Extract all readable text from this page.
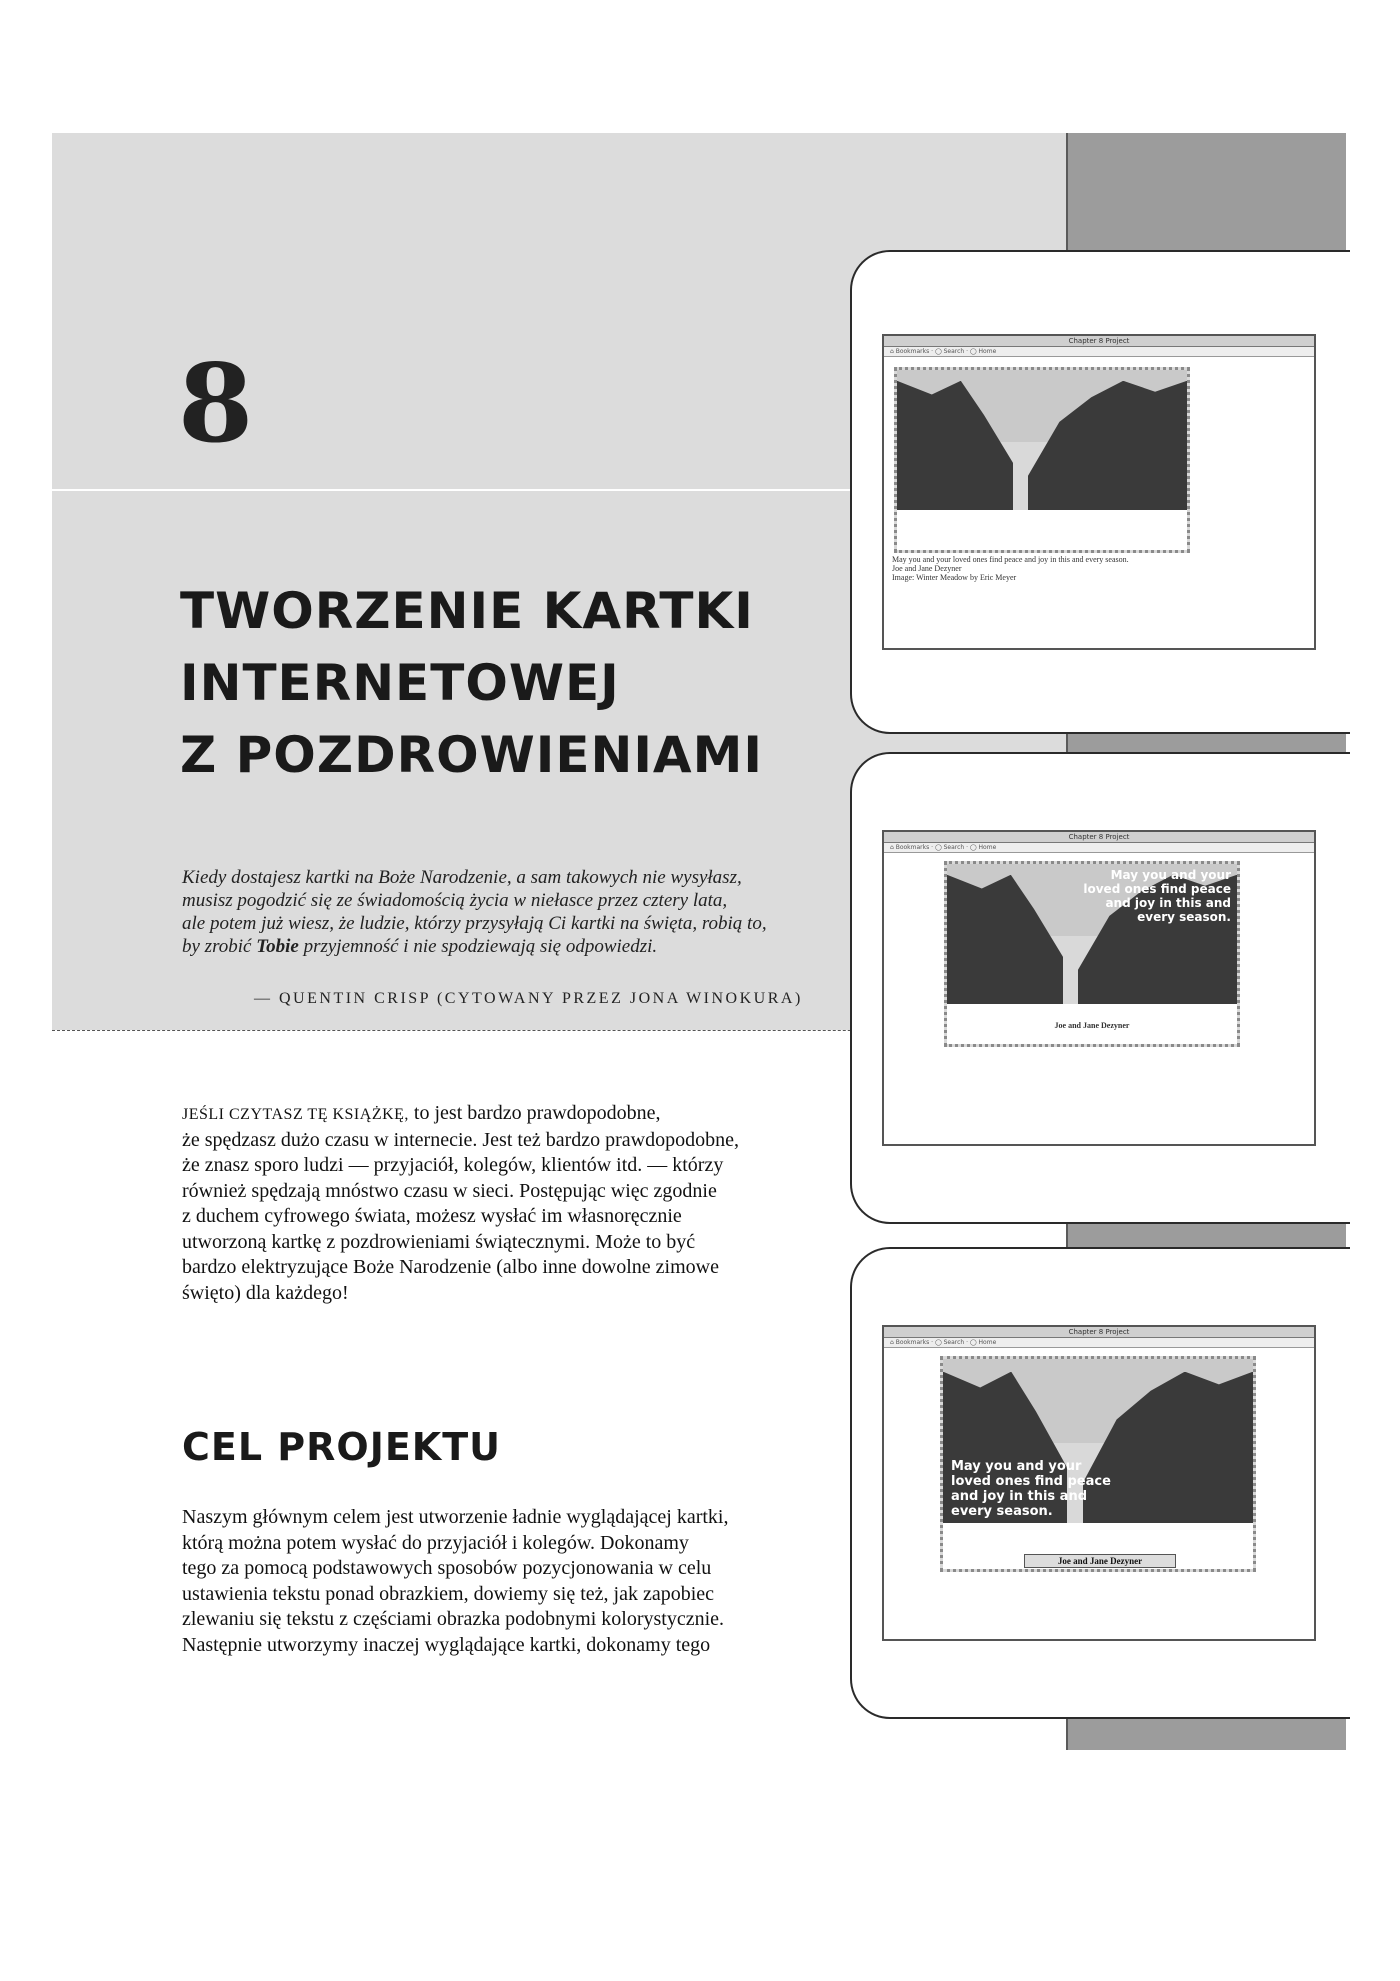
Chapter 8 Project
⌂ Bookmarks · ◯ Search · ◯ Home
May you and your loved ones find peace and joy in this and every season.
Joe and Jane Dezyner
Image: Winter Meadow by Eric Meyer
Chapter 8 Project
⌂ Bookmarks · ◯ Search · ◯ Home
May you and your loved ones find peace and joy in this and every season.
Joe and Jane Dezyner
Chapter 8 Project
⌂ Bookmarks · ◯ Search · ◯ Home
May you and your loved ones find peace and joy in this and every season.
Joe and Jane Dezyner
8
TWORZENIE KARTKI
INTERNETOWEJ
Z POZDROWIENIAMI
Kiedy dostajesz kartki na Boże Narodzenie, a sam takowych nie wysyłasz,
musisz pogodzić się ze świadomością życia w niełasce przez cztery lata,
ale potem już wiesz, że ludzie, którzy przysyłają Ci kartki na święta, robią to,
by zrobić Tobie przyjemność i nie spodziewają się odpowiedzi.
— QUENTIN CRISP (CYTOWANY PRZEZ JONA WINOKURA)
JEŚLI CZYTASZ TĘ KSIĄŻKĘ, to jest bardzo prawdopodobne,
że spędzasz dużo czasu w internecie. Jest też bardzo prawdopodobne,
że znasz sporo ludzi — przyjaciół, kolegów, klientów itd. — którzy
również spędzają mnóstwo czasu w sieci. Postępując więc zgodnie
z duchem cyfrowego świata, możesz wysłać im własnoręcznie
utworzoną kartkę z pozdrowieniami świątecznymi. Może to być
bardzo elektryzujące Boże Narodzenie (albo inne dowolne zimowe
święto) dla każdego!
CEL PROJEKTU
Naszym głównym celem jest utworzenie ładnie wyglądającej kartki,
którą można potem wysłać do przyjaciół i kolegów. Dokonamy
tego za pomocą podstawowych sposobów pozycjonowania w celu
ustawienia tekstu ponad obrazkiem, dowiemy się też, jak zapobiec
zlewaniu się tekstu z częściami obrazka podobnymi kolorystycznie.
Następnie utworzymy inaczej wyglądające kartki, dokonamy tego
